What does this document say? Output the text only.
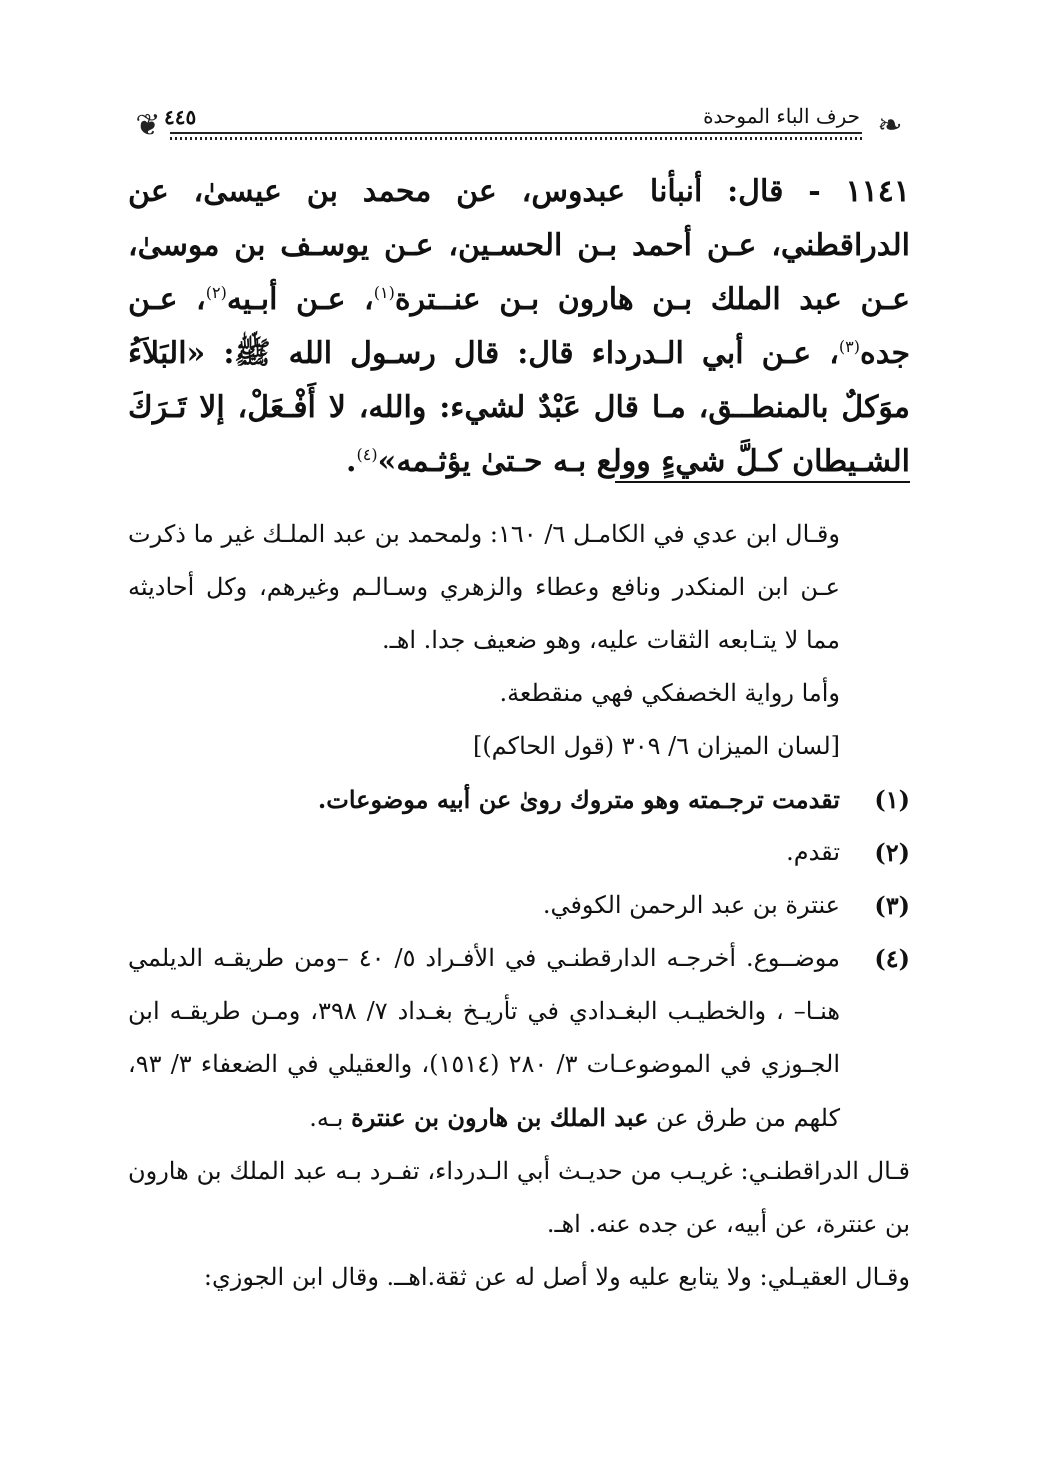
❦ ٤٤٥	حرف الباء الموحدة ❧
١١٤١ - قال: أنبأنا عبدوس، عن محمد بن عيسىٰ، عن الدراقطني، عـن أحمد بـن الحسـين، عـن يوسـف بن موسىٰ، عـن عبد الملك بـن هارون بـن عنــترة$^{(١)}$، عـن أبـيه$^{(٢)}$، عـن جده$^{(٣)}$، عـن أبي الـدرداء قال: قال رسـول الله ﷺ: «البَلاَءُ موَكلٌ بالمنطــق، مـا قال عَبْدٌ لشيء: والله، لا أَفْـعَلْ، إلا تَـرَكَ الشـيطان كـلَّ شيءٍ وولع بـه حـتىٰ يؤثـمه»$^{(٤)}$.

وقـال ابن عدي في الكامـل ٦/ ١٦٠: ولمحمد بن عبد الملـك غير ما ذكرت عـن ابن المنكدر ونافع وعطاء والزهري وسـالـم وغيرهم، وكل أحاديثه مما لا يتـابعه الثقات عليه، وهو ضعيف جدا. اهـ.

وأما رواية الخصفكي فهي منقطعة.

[لسان الميزان ٦/ ٣٠٩ (قول الحاكم)]

(١)
تقدمت ترجـمته وهو متروك روىٰ عن أبيه موضوعات.
(٢)
تقدم.
(٣)
عنترة بن عبد الرحمن الكوفي.
(٤)
موضــوع. أخرجـه الدارقطنـي في الأفـراد ٥/ ٤٠ –ومن طريقـه الديلمي هنـا– ، والخطيـب البغـدادي في تأريـخ بغـداد ٧/ ٣٩٨، ومـن طريقـه ابن الجـوزي في الموضوعـات ٣/ ٢٨٠ (١٥١٤)، والعقيلي في الضعفاء ٣/ ٩٣، كلهم من طرق عن عبد الملك بن هارون بن عنترة بـه.

قـال الدراقطنـي: غريـب من حديـث أبي الـدرداء، تفـرد بـه عبد الملك بن هارون بن عنترة، عن أبيه، عن جده عنه. اهـ.

وقـال العقيـلي: ولا يتابع عليه ولا أصل له عن ثقة.اهــ. وقال ابن الجوزي:
